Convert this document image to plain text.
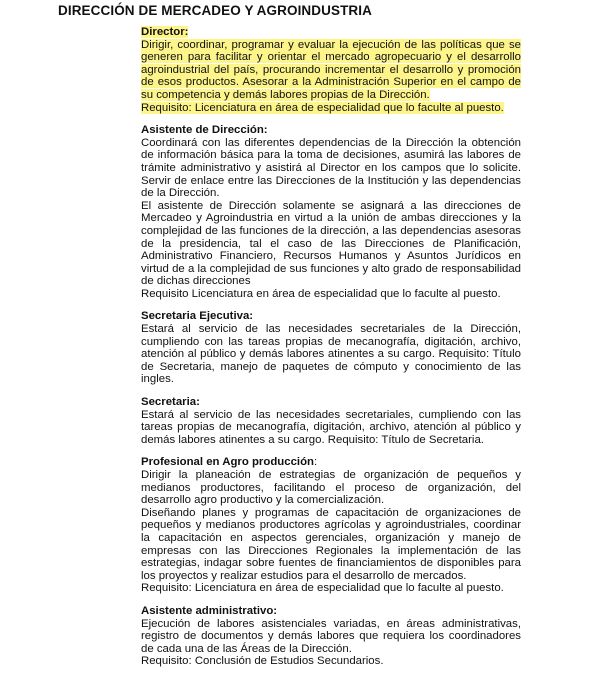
DIRECCIÓN DE MERCADEO Y AGROINDUSTRIA
Director:
Dirigir, coordinar, programar y evaluar la ejecución de las políticas que se generen para facilitar y orientar el mercado agropecuario y el desarrollo agroindustrial del país, procurando incrementar el desarrollo y promoción de esos productos. Asesorar a la Administración Superior en el campo de su competencia y demás labores propias de la Dirección.
Requisito: Licenciatura en área de especialidad que lo faculte al puesto.
Asistente de Dirección:
Coordinará con las diferentes dependencias de la Dirección la obtención de información básica para la toma de decisiones, asumirá las labores de trámite administrativo y asistirá al Director en los campos que lo solicite. Servir de enlace entre las Direcciones de la Institución y las dependencias de la Dirección.
El asistente de Dirección solamente se asignará a las direcciones de Mercadeo y Agroindustria en virtud a la unión de ambas direcciones y la complejidad de las funciones de la dirección, a las dependencias asesoras de la presidencia, tal el caso de las Direcciones de Planificación, Administrativo Financiero, Recursos Humanos y Asuntos Jurídicos en virtud de a la complejidad de sus funciones y alto grado de responsabilidad de dichas direcciones
Requisito Licenciatura en área de especialidad que lo faculte al puesto.
Secretaria Ejecutiva:
Estará al servicio de las necesidades secretariales de la Dirección, cumpliendo con las tareas propias de mecanografía, digitación, archivo, atención al público y demás labores atinentes a su cargo. Requisito: Título de Secretaria, manejo de paquetes de cómputo y conocimiento de las ingles.
Secretaria:
Estará al servicio de las necesidades secretariales, cumpliendo con las tareas propias de mecanografía, digitación, archivo, atención al público y demás labores atinentes a su cargo. Requisito: Título de Secretaria.
Profesional en Agro producción:
Dirigir la planeación de estrategias de organización de pequeños y medianos productores, facilitando el proceso de organización, del desarrollo agro productivo y la comercialización.
Diseñando planes y programas de capacitación de organizaciones de pequeños y medianos productores agrícolas y agroindustriales, coordinar la capacitación en aspectos gerenciales, organización y manejo de empresas con las Direcciones Regionales la implementación de las estrategias, indagar sobre fuentes de financiamientos de disponibles para los proyectos y realizar estudios para el desarrollo de mercados.
Requisito: Licenciatura en área de especialidad que lo faculte al puesto.
Asistente administrativo:
Ejecución de labores asistenciales variadas, en áreas administrativas, registro de documentos y demás labores que requiera los coordinadores de cada una de las Áreas de la Dirección.
Requisito: Conclusión de Estudios Secundarios.
